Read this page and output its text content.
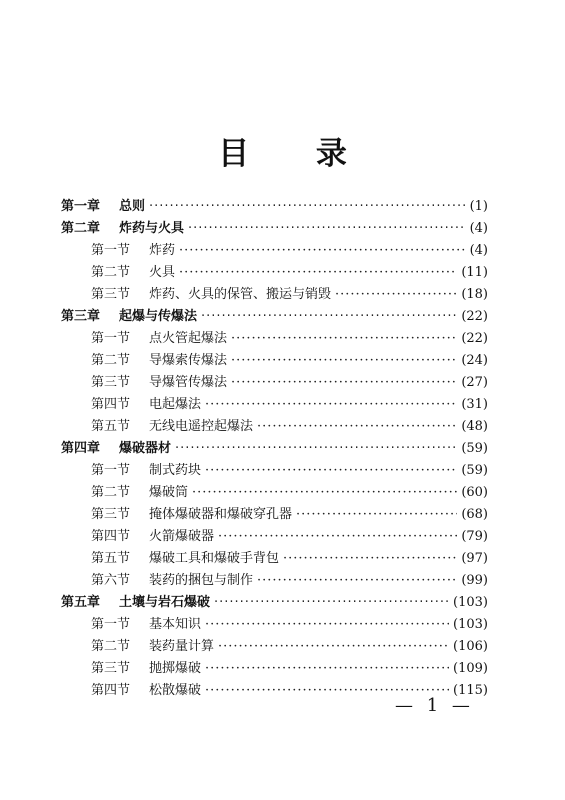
目 录
第一章	总则 ·····	(1)
第二章	炸药与火具 ·····	(4)
第一节	炸药 ·····	(4)
第二节	火具 ·····	(11)
第三节	炸药、火具的保管、搬运与销毁 ·····	(18)
第三章	起爆与传爆法 ·····	(22)
第一节	点火管起爆法 ·····	(22)
第二节	导爆索传爆法 ·····	(24)
第三节	导爆管传爆法 ·····	(27)
第四节	电起爆法 ·····	(31)
第五节	无线电遥控起爆法 ·····	(48)
第四章	爆破器材 ·····	(59)
第一节	制式药块 ·····	(59)
第二节	爆破筒 ·····	(60)
第三节	掩体爆破器和爆破穿孔器 ·····	(68)
第四节	火箭爆破器 ·····	(79)
第五节	爆破工具和爆破手背包 ·····	(97)
第六节	装药的捆包与制作 ·····	(99)
第五章	土壤与岩石爆破 ·····	(103)
第一节	基本知识 ·····	(103)
第二节	装药量计算 ·····	(106)
第三节	抛掷爆破 ·····	(109)
第四节	松散爆破 ·····	(115)
— 1 —
